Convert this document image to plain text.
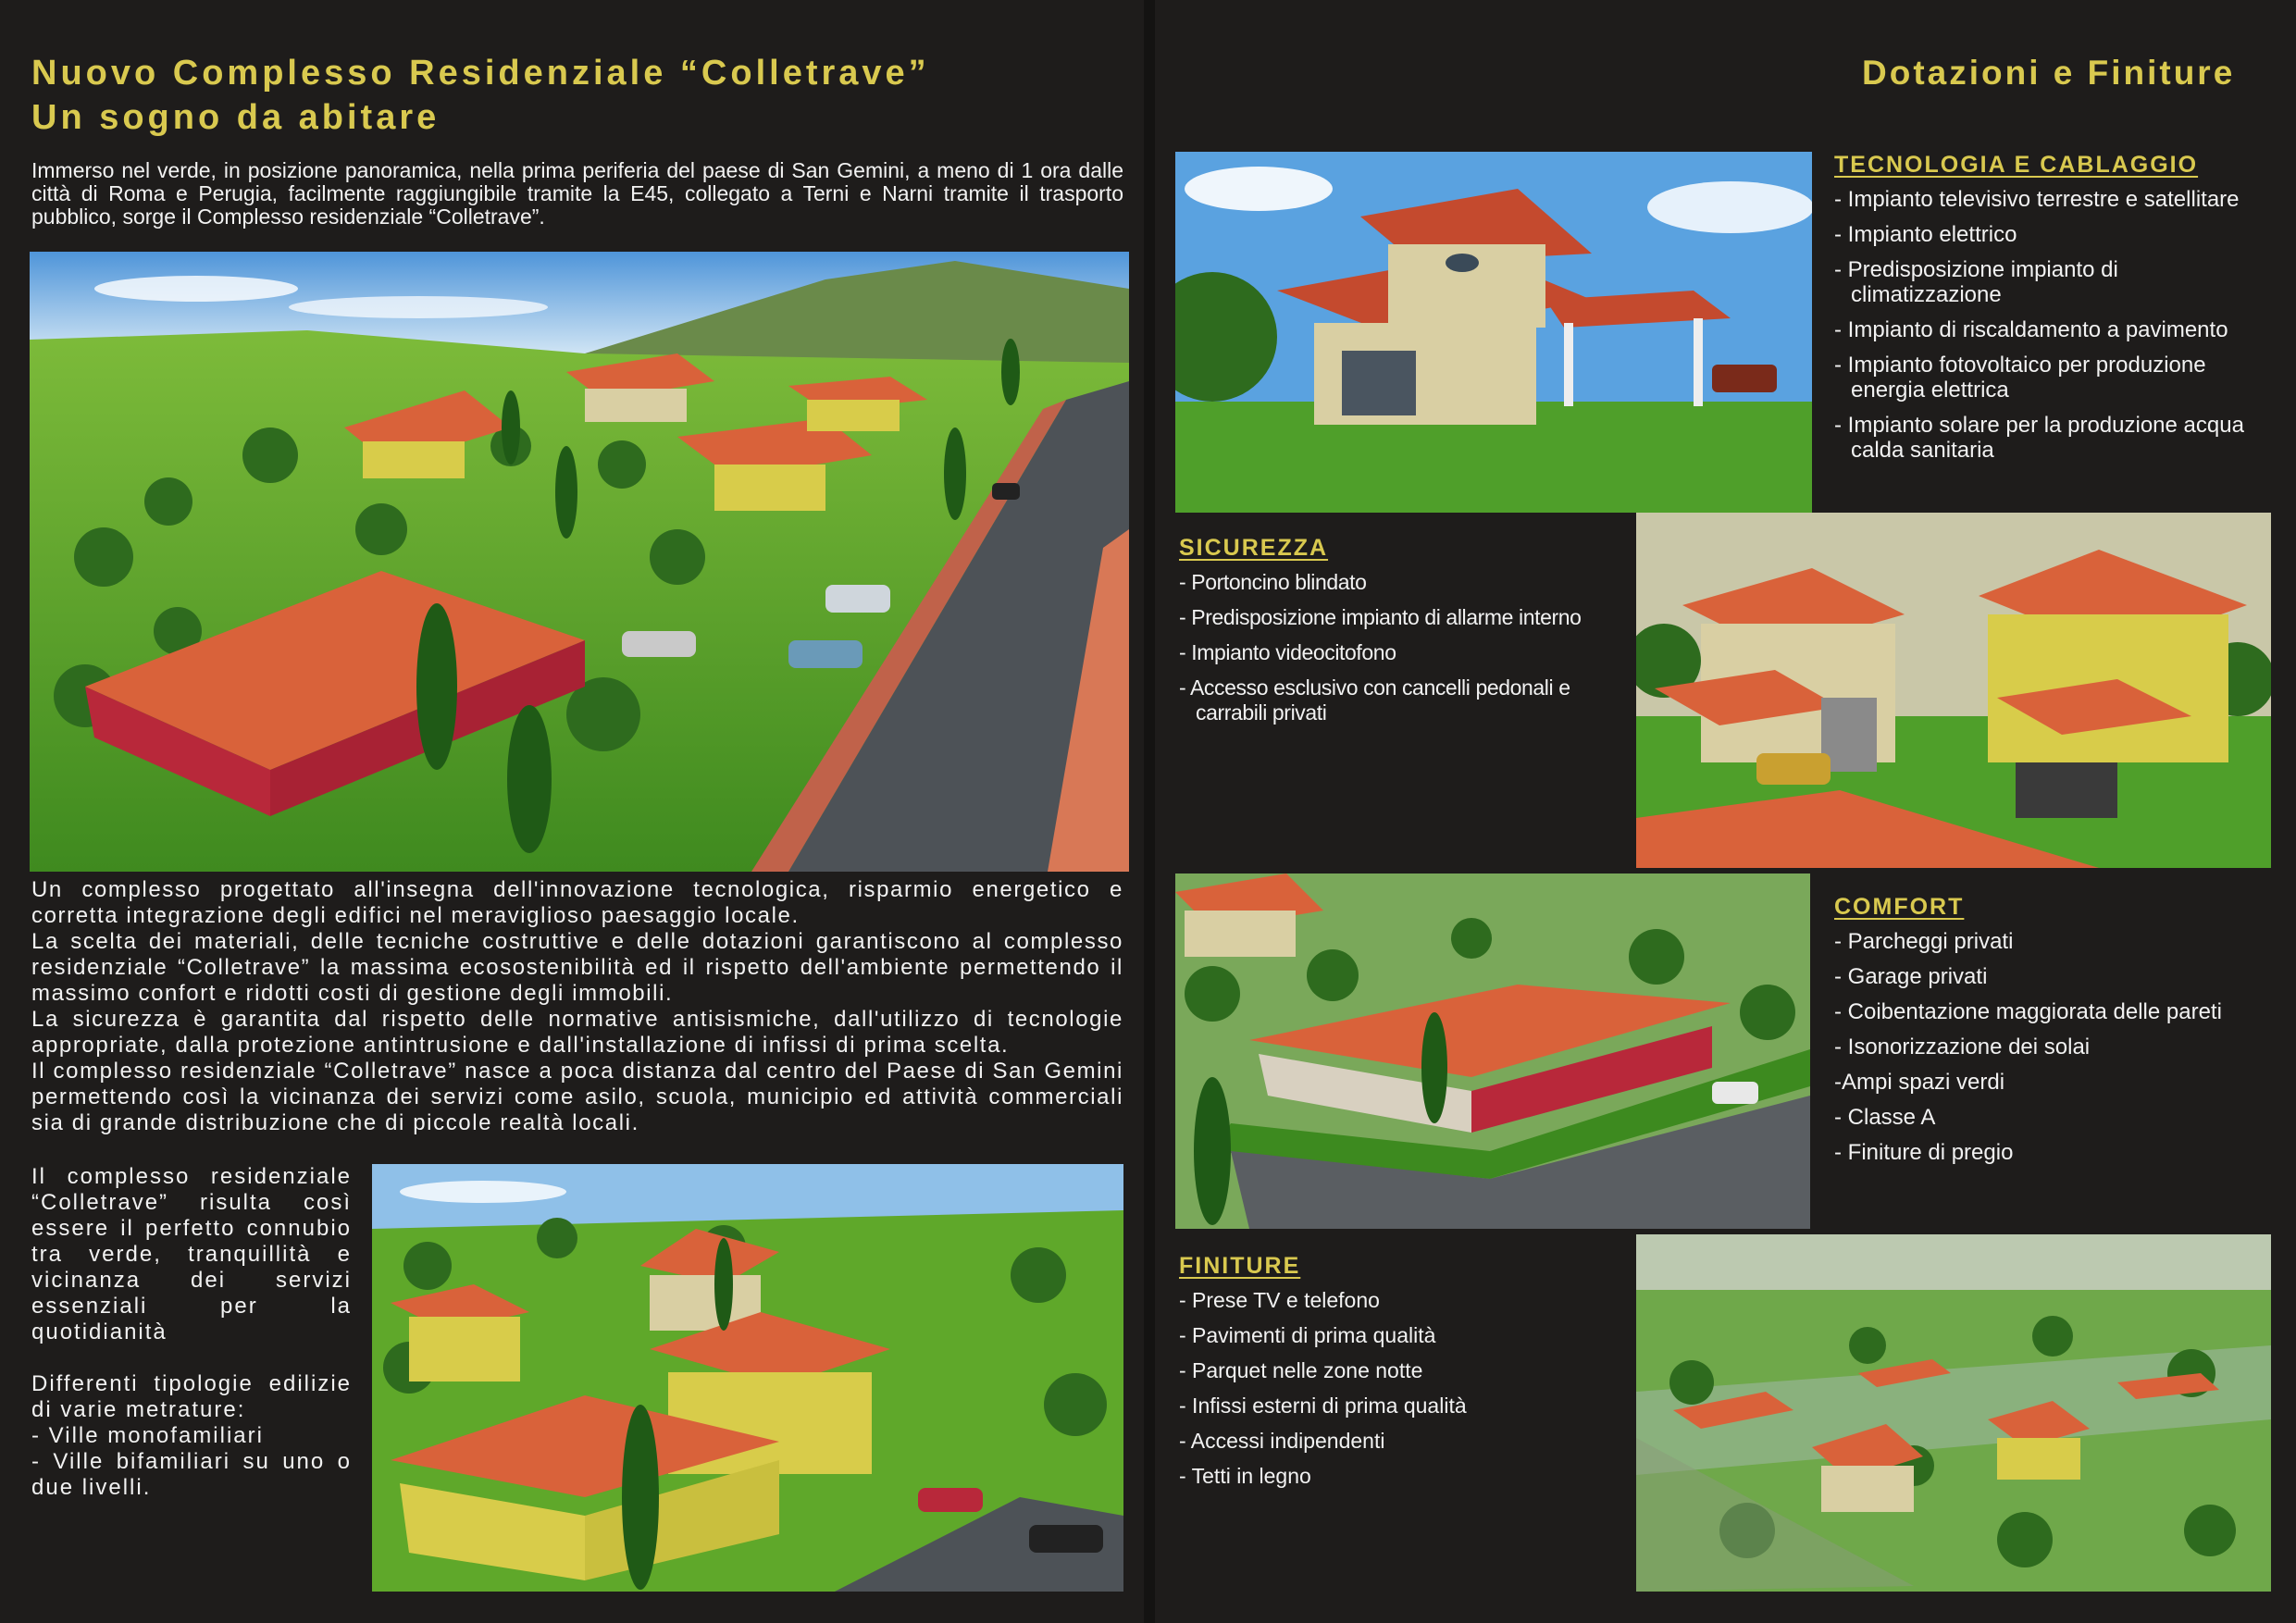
Nuovo Complesso Residenziale “Colletrave”
Un sogno da abitare

Immerso nel verde, in posizione panoramica, nella prima periferia del paese di San Gemini, a meno di 1 ora dalle città di Roma e Perugia, facilmente raggiungibile tramite la E45, collegato a Terni e Narni tramite il trasporto pubblico, sorge il Complesso residenziale “Colletrave”.

Un complesso progettato all'insegna dell'innovazione tecnologica, risparmio energetico e corretta integrazione degli edifici nel meraviglioso paesaggio locale.

La scelta dei materiali, delle tecniche costruttive e delle dotazioni garantiscono al complesso residenziale “Colletrave” la massima ecosostenibilità ed il rispetto dell'ambiente permettendo il massimo confort e ridotti costi di gestione degli immobili.

La sicurezza è garantita dal rispetto delle normative antisismiche, dall'utilizzo di tecnologie appropriate, dalla protezione antintrusione e dall'installazione di infissi di prima scelta.

Il complesso residenziale “Colletrave” nasce a poca distanza dal centro del Paese di San Gemini permettendo così la vicinanza dei servizi come asilo, scuola, municipio ed attività commerciali sia di grande distribuzione che di piccole realtà locali.

Il complesso residenziale “Colletrave” risulta così essere il perfetto connubio tra verde, tranquillità e vicinanza dei servizi essenziali per la quotidianità

Differenti tipologie edilizie di varie metrature:

- Ville monofamiliari

- Ville bifamiliari su uno o due livelli.

Dotazioni e Finiture
TECNOLOGIA E CABLAGGIO
- Impianto televisivo terrestre e satellitare
- Impianto elettrico
- Predisposizione impianto di climatizzazione
- Impianto di riscaldamento a pavimento
- Impianto fotovoltaico per produzione energia elettrica
- Impianto solare per la produzione acqua calda sanitaria
SICUREZZA
- Portoncino blindato
- Predisposizione impianto di allarme interno
- Impianto videocitofono
- Accesso esclusivo con cancelli pedonali e carrabili privati
COMFORT
- Parcheggi privati
- Garage privati
- Coibentazione maggiorata delle pareti
- Isonorizzazione dei solai
-Ampi spazi verdi
- Classe A
- Finiture di pregio
FINITURE
- Prese TV e telefono
- Pavimenti di prima qualità
- Parquet nelle zone notte
- Infissi esterni di prima qualità
- Accessi indipendenti
- Tetti in legno
